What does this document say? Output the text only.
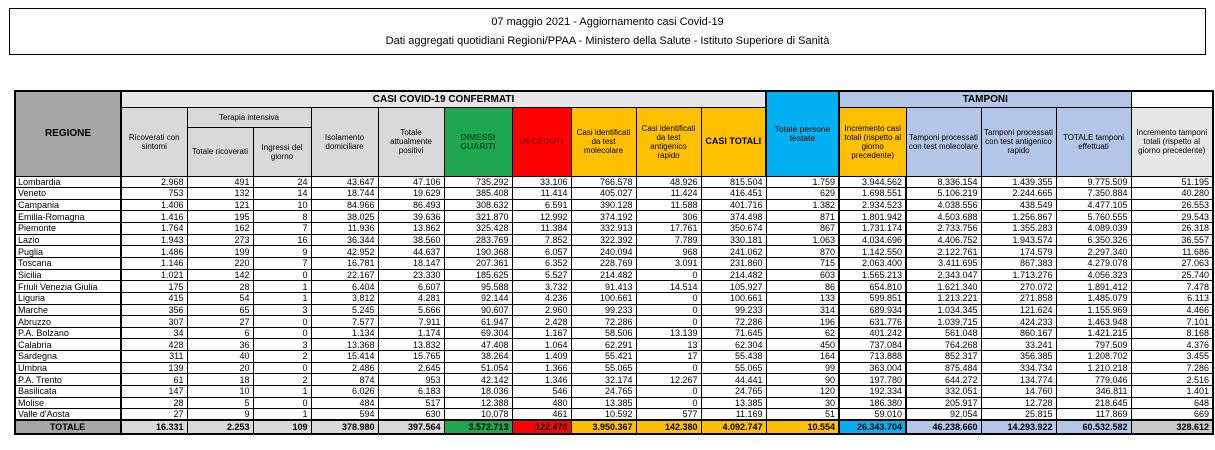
07 maggio 2021 - Aggiornamento casi Covid-19
Dati aggregati quotidiani Regioni/PPAA - Ministero della Salute - Istituto Superiore di Sanità
REGIONE	CASI COVID-19 CONFERMATI										Totale persone testate	TAMPONI				
	Ricoverati con sintomi	Terapia intensiva		Isolamento domiciliare	Totale attualmente positivi	DIMESSI GUARITI	DECEDUTI	Casi identificati da test molecolare	Casi identificati da test antigenico rapido	CASI TOTALI		Incremento casi totali (rispetto al giorno precedente)	Tamponi processati con test molecolare	Tamponi processati con test antigenico rapido	TOTALE tamponi effettuati	Incremento tamponi totali (rispetto al giorno precedente)
		Totale ricoverati	Ingressi del giorno													
Lombardia	2.968	491	24	43.647	47.106	735.292	33.106	766.578	48.926	815.504	1.759	3.944.562	8.336.154	1.439.355	9.775.509	51.195
Veneto	753	132	14	18.744	19.629	385.408	11.414	405.027	11.424	416.451	629	1.698.551	5.106.219	2.244.665	7.350.884	40.280
Campania	1.406	121	10	84.966	86.493	308.632	6.591	390.128	11.588	401.716	1.382	2.934.523	4.038.556	438.549	4.477.105	26.553
Emilia-Romagna	1.416	195	8	38.025	39.636	321.870	12.992	374.192	306	374.498	871	1.801.942	4.503.688	1.256.867	5.760.555	29.543
Piemonte	1.764	162	7	11.936	13.862	325.428	11.384	332.913	17.761	350.674	867	1.731.174	2.733.756	1.355.283	4.089.039	26.318
Lazio	1.943	273	16	36.344	38.560	283.769	7.852	322.392	7.789	330.181	1.063	4.034.696	4.406.752	1.943.574	6.350.326	36.557
Puglia	1.486	199	9	42.952	44.637	190.368	6.057	240.094	968	241.062	870	1.142.550	2.122.761	174.579	2.297.340	11.686
Toscana	1.146	220	7	16.781	18.147	207.361	6.352	228.769	3.091	231.860	715	2.063.400	3.411.695	867.383	4.279.078	27.063
Sicilia	1.021	142	0	22.167	23.330	185.625	5.527	214.482	0	214.482	603	1.565.213	2.343.047	1.713.276	4.056.323	25.740
Friuli Venezia Giulia	175	28	1	6.404	6.607	95.588	3.732	91.413	14.514	105.927	86	654.810	1.621.340	270.072	1.891.412	7.478
Liguria	415	54	1	3.812	4.281	92.144	4.236	100.661	0	100.661	133	599.851	1.213.221	271.858	1.485.079	6.113
Marche	356	65	3	5.245	5.666	90.607	2.960	99.233	0	99.233	314	689.934	1.034.345	121.624	1.155.969	4.466
Abruzzo	307	27	0	7.577	7.911	61.947	2.428	72.286	0	72.286	196	631.776	1.039.715	424.233	1.463.948	7.101
P.A. Bolzano	34	6	0	1.134	1.174	69.304	1.167	58.506	13.139	71.645	62	401.242	561.048	860.167	1.421.215	8.168
Calabria	428	36	3	13.368	13.832	47.408	1.064	62.291	13	62.304	450	737.084	764.268	33.241	797.509	4.376
Sardegna	311	40	2	15.414	15.765	38.264	1.409	55.421	17	55.438	164	713.888	852.317	356.385	1.208.702	3.455
Umbria	139	20	0	2.486	2.645	51.054	1.366	55.065	0	55.065	99	363.004	875.484	334.734	1.210.218	7.286
P.A. Trento	61	18	2	874	953	42.142	1.346	32.174	12.267	44.441	90	197.780	644.272	134.774	779.046	2.516
Basilicata	147	10	1	6.026	6.183	18.036	546	24.765	0	24.765	120	192.334	332.051	14.760	346.811	1.401
Molise	28	5	0	484	517	12.388	480	13.385	0	13.385	30	186.380	205.917	12.728	218.645	648
Valle d'Aosta	27	9	1	594	630	10.078	461	10.592	577	11.169	51	59.010	92.054	25.815	117.869	669
TOTALE	16.331	2.253	109	378.980	397.564	3.572.713	122.470	3.950.367	142.380	4.092.747	10.554	26.343.704	46.238.660	14.293.922	60.532.582	328.612
